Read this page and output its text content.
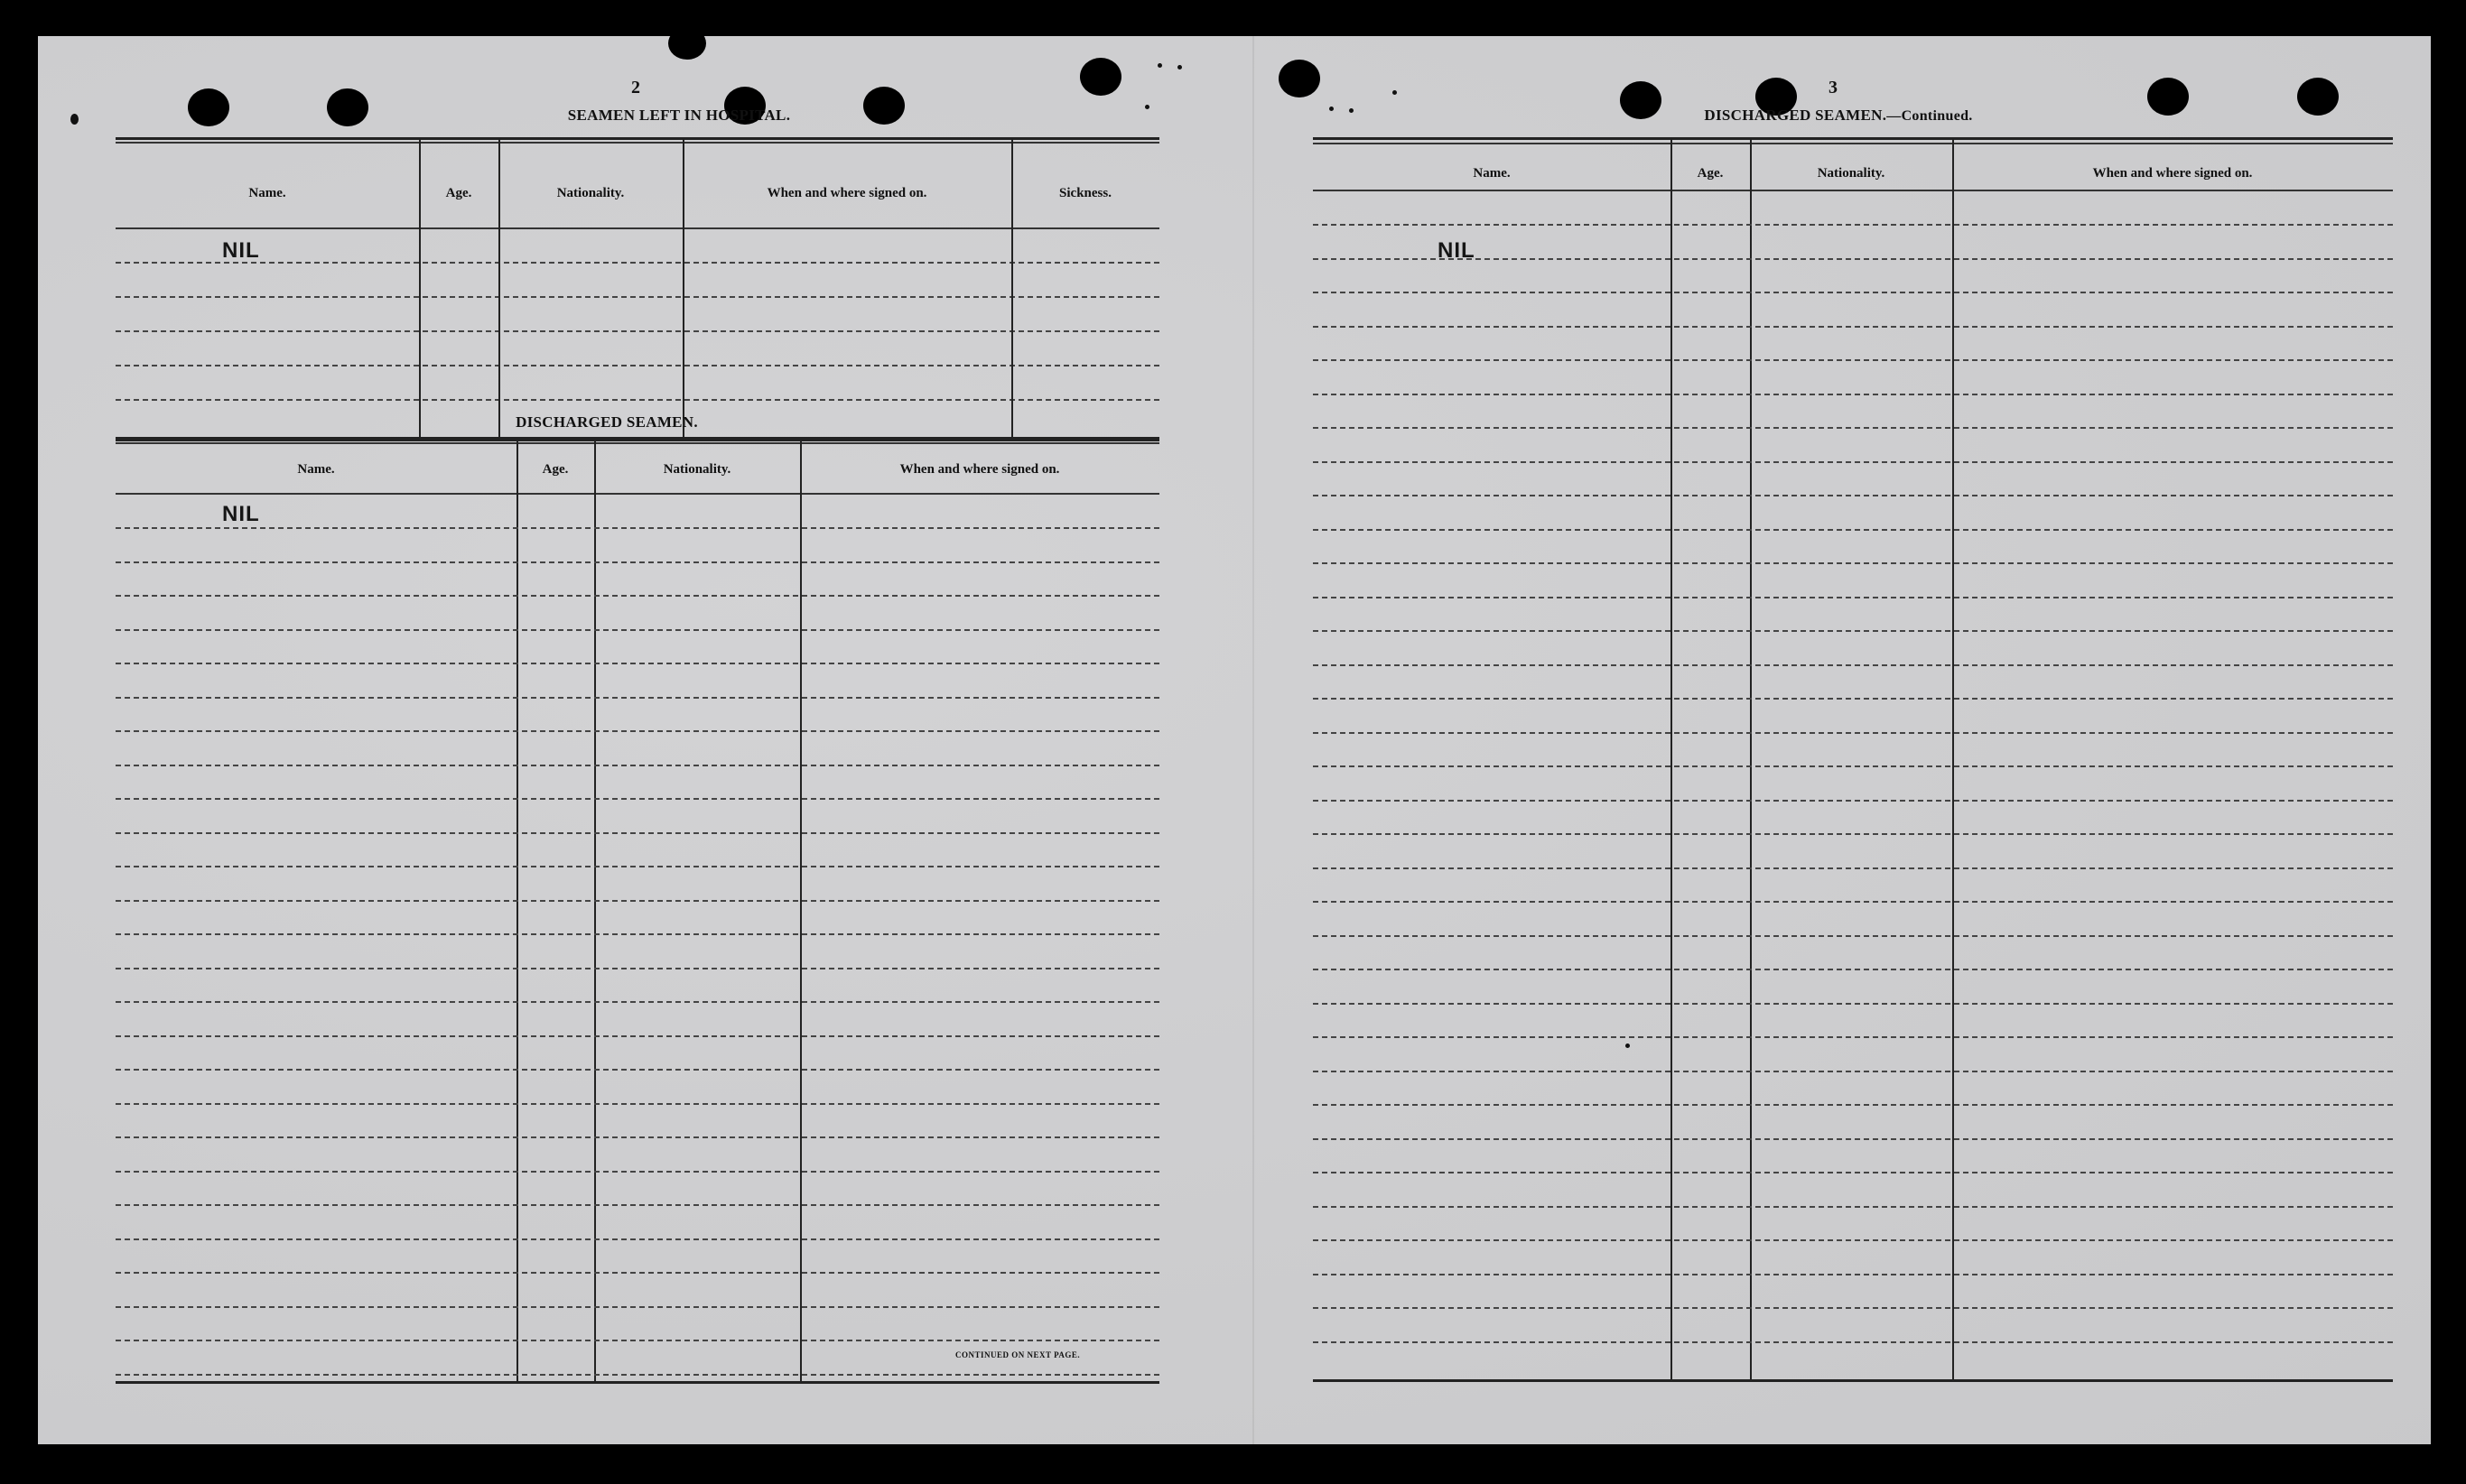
2
SEAMEN LEFT IN HOSPITAL.
Name.	Age.	Nationality.	When and where signed on.	Sickness.
NIL
DISCHARGED SEAMEN.
Name.	Age.	Nationality.	When and where signed on.
NIL
CONTINUED ON NEXT PAGE.
3
DISCHARGED SEAMEN.—Continued.
Name.	Age.	Nationality.	When and where signed on.
NIL
